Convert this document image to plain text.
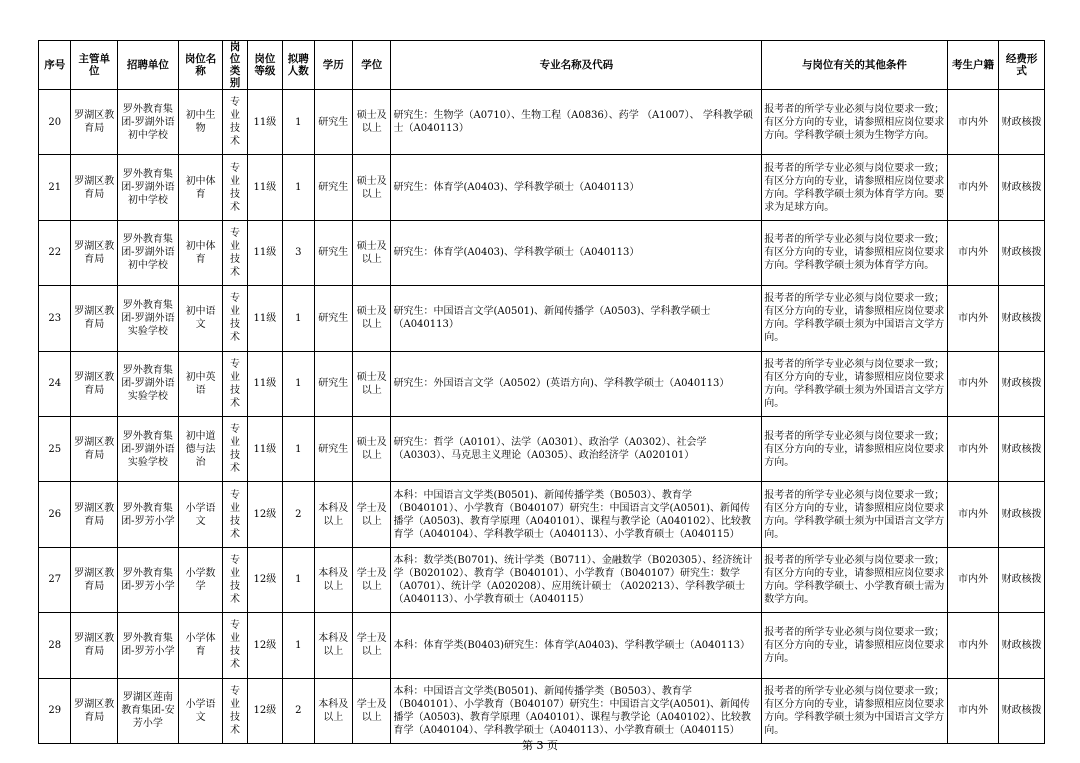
序号	主管单位	招聘单位	岗位名称	岗位类别	岗位等级	拟聘人数	学历	学位	专业名称及代码	与岗位有关的其他条件	考生户籍	经费形式
20	罗湖区教育局	罗外教育集团-罗湖外语初中学校	初中生物	专业技术	11级	1	研究生	硕士及以上	研究生：生物学（A0710）、生物工程（A0836）、药学 （A1007）、 学科教学硕士（A040113）	报考者的所学专业必须与岗位要求一致；有区分方向的专业，请参照相应岗位要求方向。学科教学硕士须为生物学方向。	市内外	财政核拨
21	罗湖区教育局	罗外教育集团-罗湖外语初中学校	初中体育	专业技术	11级	1	研究生	硕士及以上	研究生：体育学(A0403)、学科教学硕士（A040113）	报考者的所学专业必须与岗位要求一致；有区分方向的专业，请参照相应岗位要求方向。学科教学硕士须为体育学方向。要求为足球方向。	市内外	财政核拨
22	罗湖区教育局	罗外教育集团-罗湖外语初中学校	初中体育	专业技术	11级	3	研究生	硕士及以上	研究生：体育学(A0403)、学科教学硕士（A040113）	报考者的所学专业必须与岗位要求一致；有区分方向的专业，请参照相应岗位要求方向。学科教学硕士须为体育学方向。	市内外	财政核拨
23	罗湖区教育局	罗外教育集团-罗湖外语实验学校	初中语文	专业技术	11级	1	研究生	硕士及以上	研究生：中国语言文学(A0501)、新闻传播学（A0503)、学科教学硕士（A040113）	报考者的所学专业必须与岗位要求一致；有区分方向的专业，请参照相应岗位要求方向。学科教学硕士须为中国语言文学方向。	市内外	财政核拨
24	罗湖区教育局	罗外教育集团-罗湖外语实验学校	初中英语	专业技术	11级	1	研究生	硕士及以上	研究生：外国语言文学（A0502）(英语方向)、学科教学硕士（A040113）	报考者的所学专业必须与岗位要求一致；有区分方向的专业，请参照相应岗位要求方向。学科教学硕士须为外国语言文学方向。	市内外	财政核拨
25	罗湖区教育局	罗外教育集团-罗湖外语实验学校	初中道德与法治	专业技术	11级	1	研究生	硕士及以上	研究生：哲学（A0101）、法学（A0301）、政治学（A0302）、社会学（A0303）、马克思主义理论（A0305）、政治经济学（A020101）	报考者的所学专业必须与岗位要求一致；有区分方向的专业，请参照相应岗位要求方向。	市内外	财政核拨
26	罗湖区教育局	罗外教育集团-罗芳小学	小学语文	专业技术	12级	2	本科及以上	学士及以上	本科：中国语言文学类(B0501)、新闻传播学类（B0503）、教育学（B040101）、小学教育（B040107）研究生：中国语言文学(A0501)、新闻传播学（A0503)、教育学原理（A040101）、课程与教学论（A040102）、比较教育学（A040104）、学科教学硕士（A040113）、小学教育硕士（A040115）	报考者的所学专业必须与岗位要求一致；有区分方向的专业，请参照相应岗位要求方向。学科教学硕士须为中国语言文学方向。	市内外	财政核拨
27	罗湖区教育局	罗外教育集团-罗芳小学	小学数学	专业技术	12级	1	本科及以上	学士及以上	本科：数学类(B0701)、统计学类（B0711）、金融数学（B020305）、经济统计学（B020102）、教育学（B040101）、小学教育（B040107）研究生：数学（A0701）、统计学（A020208）、应用统计硕士 （A020213）、学科教学硕士（A040113）、小学教育硕士（A040115）	报考者的所学专业必须与岗位要求一致；有区分方向的专业，请参照相应岗位要求方向。学科教学硕士、小学教育硕士需为数学方向。	市内外	财政核拨
28	罗湖区教育局	罗外教育集团-罗芳小学	小学体育	专业技术	12级	1	本科及以上	学士及以上	本科：体育学类(B0403)研究生：体育学(A0403)、学科教学硕士（A040113）	报考者的所学专业必须与岗位要求一致；有区分方向的专业，请参照相应岗位要求方向。	市内外	财政核拨
29	罗湖区教育局	罗湖区莲南教育集团-安芳小学	小学语文	专业技术	12级	2	本科及以上	学士及以上	本科：中国语言文学类(B0501)、新闻传播学类（B0503）、教育学（B040101）、小学教育（B040107）研究生：中国语言文学(A0501)、新闻传播学（A0503)、教育学原理（A040101）、课程与教学论（A040102）、比较教育学（A040104）、学科教学硕士（A040113）、小学教育硕士（A040115）	报考者的所学专业必须与岗位要求一致；有区分方向的专业，请参照相应岗位要求方向。学科教学硕士须为中国语言文学方向。	市内外	财政核拨
第 3 页
